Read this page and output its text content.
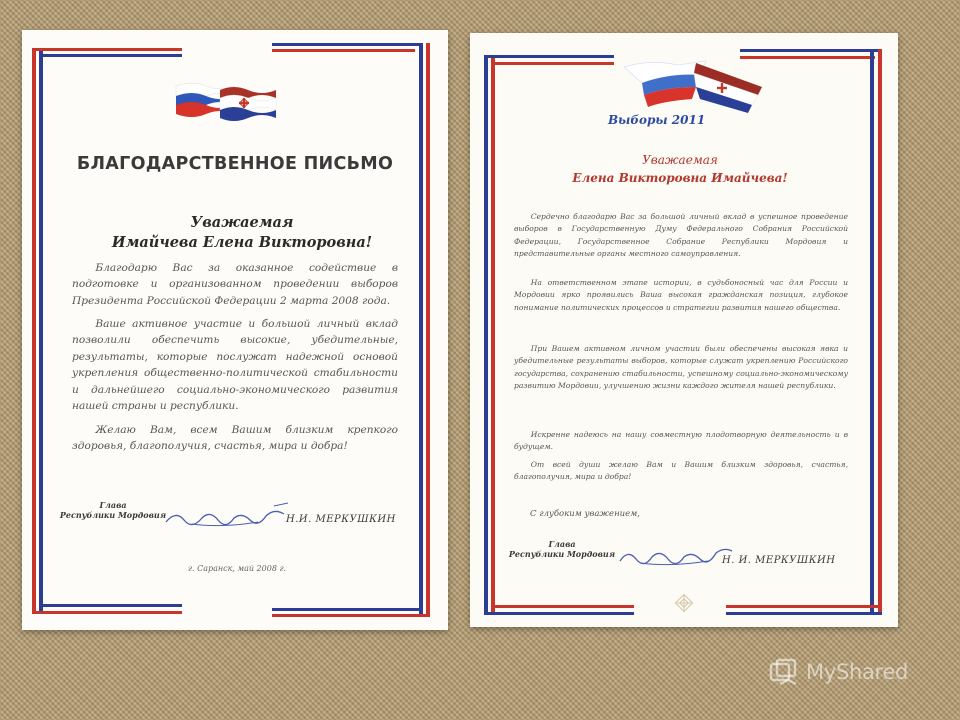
БЛАГОДАРСТВЕННОЕ ПИСЬМО
Уважаемая
Имайчева Елена Викторовна!

Благодарю Вас за оказанное содействие в подготовке и организованном проведении выборов Президента Российской Федерации 2 марта 2008 года.

Ваше активное участие и большой личный вклад позволили обеспечить высокие, убедительные, результаты, которые послужат надежной основой укрепления общественно-политической стабильности и дальнейшего социально-экономического развития нашей страны и республики.

Желаю Вам, всем Вашим близким крепкого здоровья, благополучия, счастья, мира и добра!

Глава
Республики Мордовия	Н.И. МЕРКУШКИН
г. Саранск, май 2008 г.
Выборы 2011
Уважаемая
Елена Викторовна Имайчева!

Сердечно благодарю Вас за большой личный вклад в успешное проведение выборов в Государственную Думу Федерального Собрания Российской Федерации, Государственное Собрание Республики Мордовия и представительные органы местного самоуправления.

На ответственном этапе истории, в судьбоносный час для России и Мордовии ярко проявились Ваша высокая гражданская позиция, глубокое понимание политических процессов и стратегии развития нашего общества.

При Вашем активном личном участии были обеспечены высокая явка и убедительные результаты выборов, которые служат укреплению Российского государства, сохранению стабильности, успешному социально-экономическому развитию Мордовии, улучшению жизни каждого жителя нашей республики.

Искренне надеюсь на нашу совместную плодотворную деятельность и в будущем.

От всей души желаю Вам и Вашим близким здоровья, счастья, благополучия, мира и добра!

С глубоким уважением,
Глава
Республики Мордовия
Н. И. МЕРКУШКИН
MyShared
